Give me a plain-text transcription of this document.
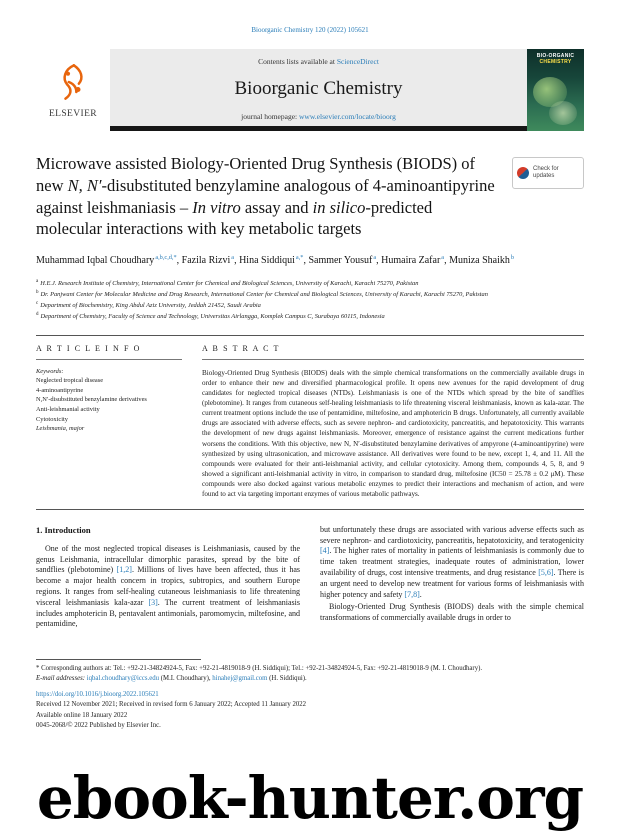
Bioorganic Chemistry 120 (2022) 105621
ELSEVIER
Contents lists available at ScienceDirect
Bioorganic Chemistry
journal homepage: www.elsevier.com/locate/bioorg
BIO-ORGANIC
CHEMISTRY
Microwave assisted Biology-Oriented Drug Synthesis (BIODS) of new N, N′-disubstituted benzylamine analogous of 4-aminoantipyrine against leishmaniasis – In vitro assay and in silico-predicted molecular interactions with key metabolic targets
Check for updates
Muhammad Iqbal Choudhary$^{a,b,c,d,*}$, Fazila Rizvi$^a$, Hina Siddiqui$^{a,*}$, Sammer Yousuf$^a$, Humaira Zafar$^a$, Muniza Shaikh$^b$
$^a$ H.E.J. Research Institute of Chemistry, International Center for Chemical and Biological Sciences, University of Karachi, Karachi 75270, Pakistan
$^b$ Dr. Panjwani Center for Molecular Medicine and Drug Research, International Center for Chemical and Biological Sciences, University of Karachi, Karachi 75270, Pakistan
$^c$ Department of Biochemistry, King Abdul Aziz University, Jeddah 21452, Saudi Arabia
$^d$ Department of Chemistry, Faculty of Science and Technology, Universitas Airlangga, Komplek Campus C, Surabaya 60115, Indonesia
A R T I C L E I N F O
Keywords:
Neglected tropical disease
4-aminoantipyrine
N,N′-disubstituted benzylamine derivatives
Anti-leishmanial activity
Cytotoxicity
Leishmania, major
A B S T R A C T

Biology-Oriented Drug Synthesis (BIODS) deals with the simple chemical transformations on the commercially available drugs in order to enhance their new and diversified pharmacological profile. It opens new avenues for the rapid development of drug candidates for neglected tropical diseases (NTDs). Leishmaniasis is one of the NTDs which spread by the bite of sandflies (plebotomine). It ranges from cutaneous self-healing leishmaniasis to life threatening visceral leishmaniasis, known as kala-azar. The current treatment options include the use of pentamidine, miltefosine, and amphotericin B drugs. Unfortunately, all currently available drugs are associated with adverse effects, such as severe nephron- and cardiotoxicity, pancreatitis, and hepatotoxicity. This warrants the development of new drugs against leishmaniasis. Moreover, emergence of resistance against the current medications further worsens the conditions. With this objective, new N, N′-disubstituted benzylamine derivatives of ampyrone (4-aminoantipyrine) were synthesized by using ultrasonication, and microwave assistance. All derivatives were found to be new, except 1, 4, and 11. All the compounds were evaluated for their anti-leishmanial activity, and cellular cytotoxicity. Among them, compounds 4, 5, 8, and 9 showed a significant anti-leishmanial activity in vitro, in comparison to standard drug, miltefosine (IC50 = 25.78 ± 0.2 μM). These compounds were also docked against various metabolic enzymes to predict their interactions and mechanism of action, and were found to act via targeting important enzymes of various metabolic pathways.

1. Introduction

One of the most neglected tropical diseases is Leishmaniasis, caused by the genus Leishmania, intracellular dimorphic parasites, spread by the bite of sandflies (plebotomine) [1,2]. Millions of lives have been affected, thus it has become a major health concern in tropics, subtropics, and southern Europe regions. It ranges from self-healing cutaneous leishmaniasis to life threatening visceral leishmaniasis kala-azar [3]. The current treatment of leishmaniasis includes amphotericin B, pentavalent antimonials, paromomycin, miltefosine, and pentamidine,

but unfortunately these drugs are associated with various adverse effects such as severe nephron- and cardiotoxicity, pancreatitis, hepatotoxicity, and teratogenicity [4]. The higher rates of mortality in patients of leishmaniasis is commonly due to time taken treatment strategies, inadequate routes of administration, lower availability of drugs, cost intensive treatments, and drug resistance [5,6]. There is an urgent need to develop new treatment for various forms of leishmaniasis with higher potency and safety [7,8].

Biology-Oriented Drug Synthesis (BIODS) deals with the simple chemical transformations of commercially available drugs in order to

* Corresponding authors at: Tel.: +92-21-34824924-5, Fax: +92-21-4819018-9 (H. Siddiqui); Tel.: +92-21-34824924-5, Fax: +92-21-4819018-9 (M. I. Choudhary).

E-mail addresses: iqbal.choudhary@iccs.edu (M.I. Choudhary), hinahej@gmail.com (H. Siddiqui).

https://doi.org/10.1016/j.bioorg.2022.105621

Received 12 November 2021; Received in revised form 6 January 2022; Accepted 11 January 2022

Available online 18 January 2022

0045-2068/© 2022 Published by Elsevier Inc.

ebook-hunter.org
